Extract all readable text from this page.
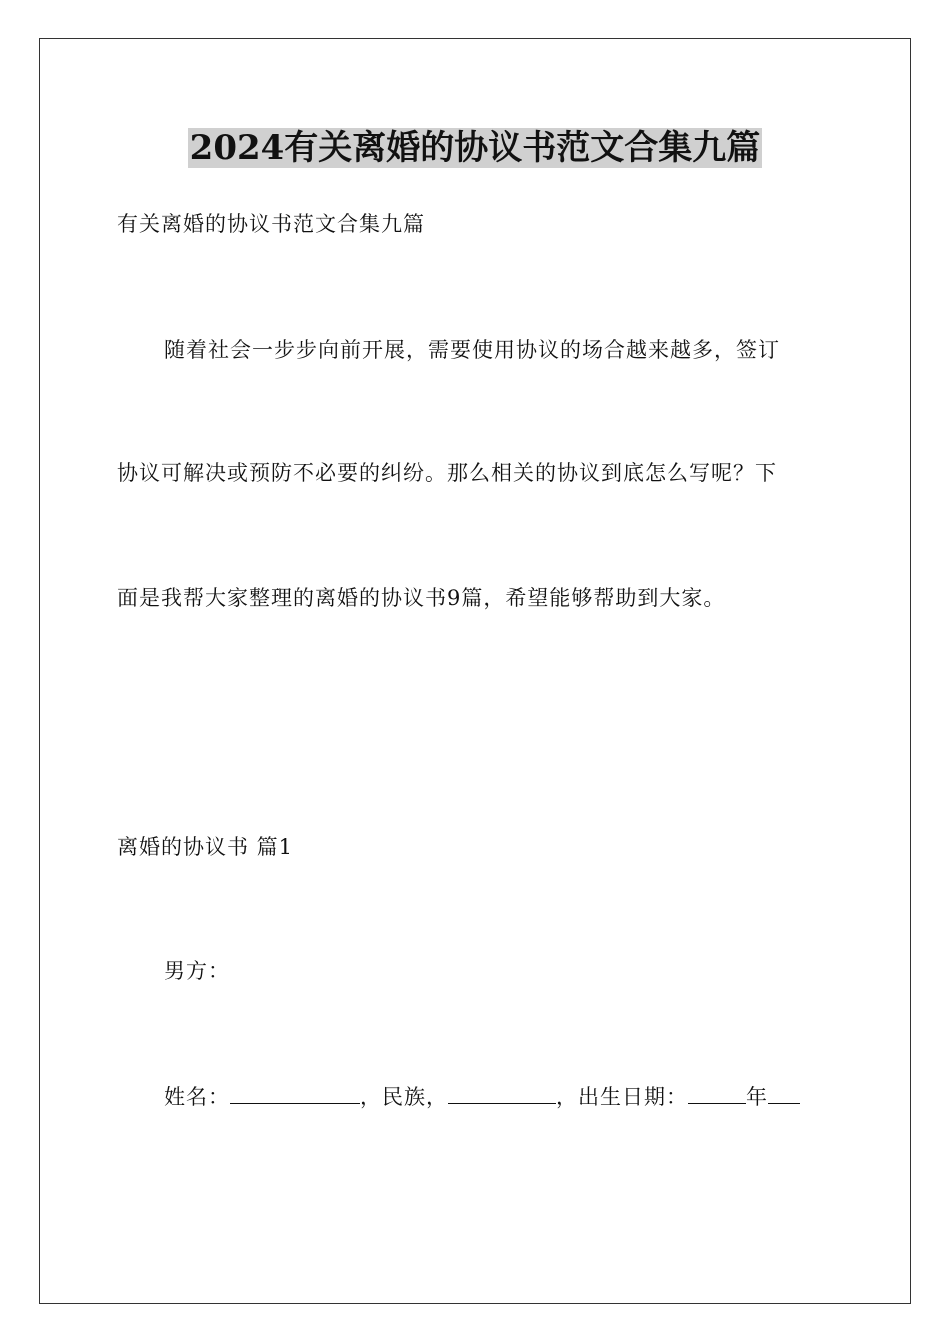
2024有关离婚的协议书范文合集九篇
有关离婚的协议书范文合集九篇
随着社会一步步向前开展，需要使用协议的场合越来越多，签订
协议可解决或预防不必要的纠纷。那么相关的协议到底怎么写呢？下
面是我帮大家整理的离婚的协议书9篇，希望能够帮助到大家。
离婚的协议书 篇1
男方：
姓名：	，民族，	，出生日期：	年
